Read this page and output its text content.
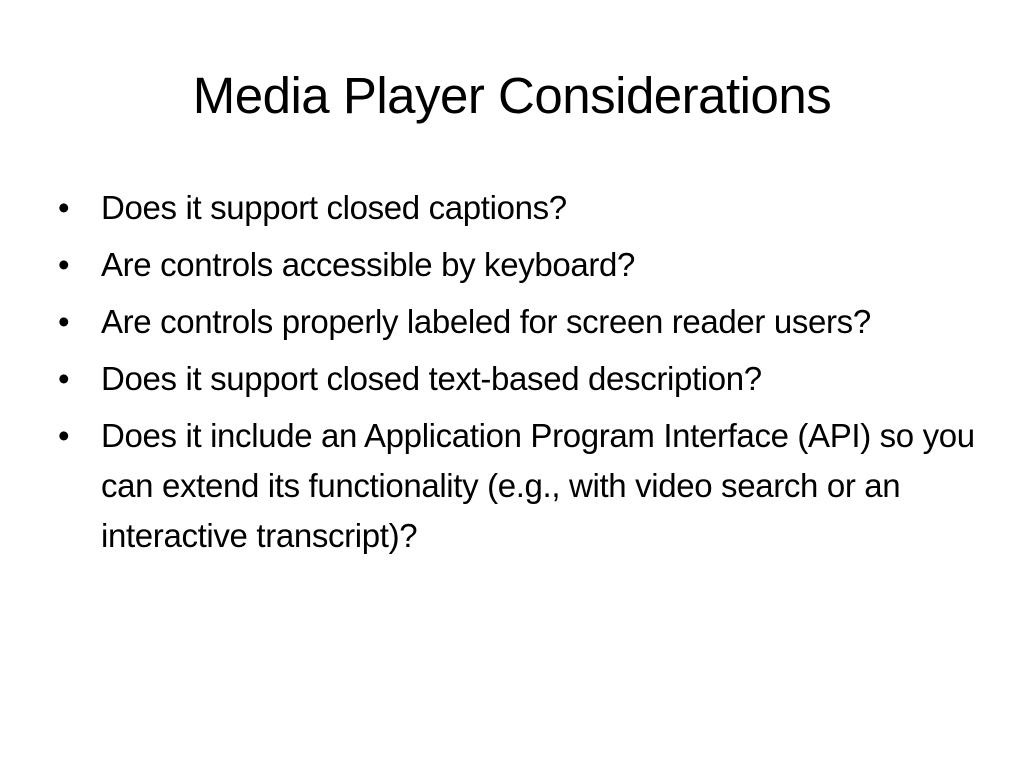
Media Player Considerations
• Does it support closed captions?
• Are controls accessible by keyboard?
• Are controls properly labeled for screen reader users?
• Does it support closed text-based description?
• Does it include an Application Program Interface (API) so you can extend its functionality (e.g., with video search or an interactive transcript)?
